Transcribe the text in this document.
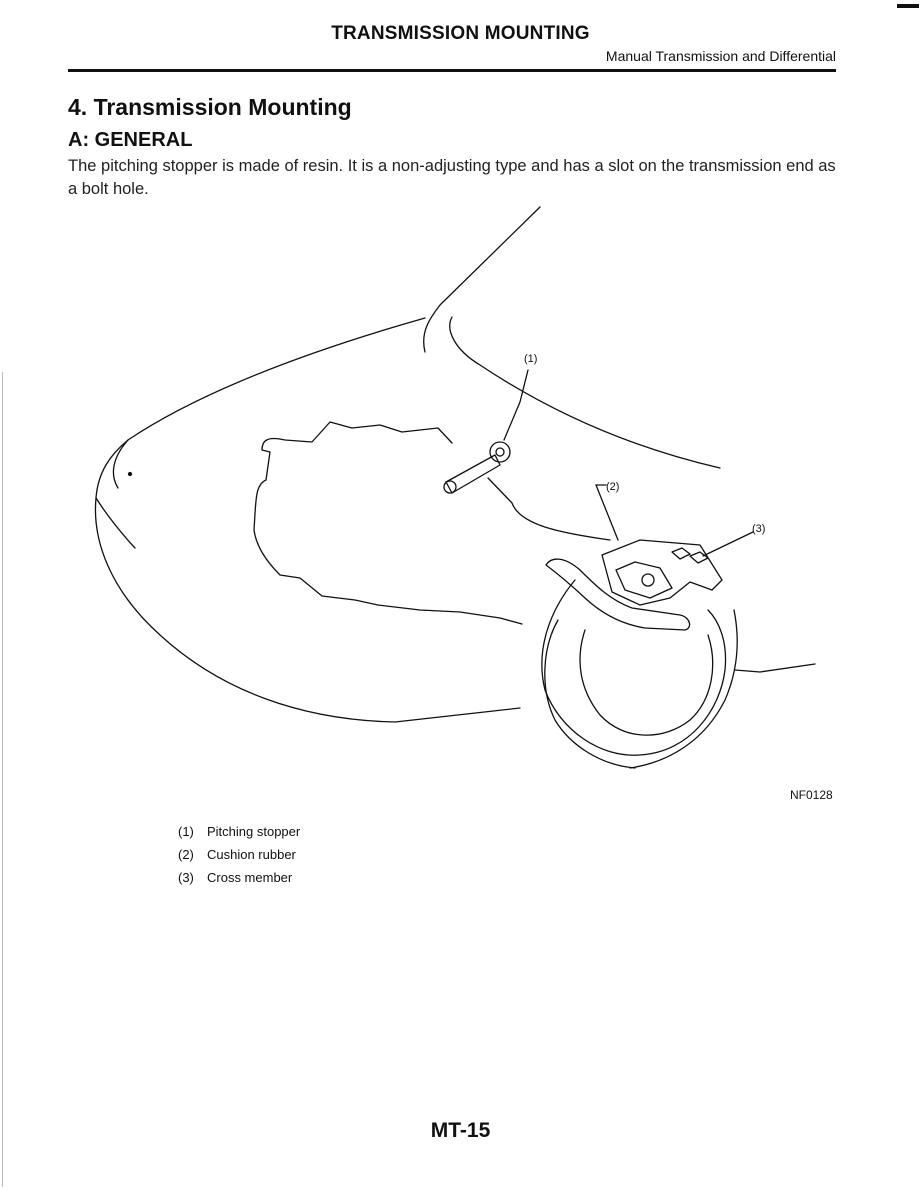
TRANSMISSION MOUNTING
Manual Transmission and Differential
4. Transmission Mounting
A: GENERAL
The pitching stopper is made of resin. It is a non-adjusting type and has a slot on the transmission end as a bolt hole.
(1)
(2)
(3)
NF0128
(1)	Pitching stopper
(2)	Cushion rubber
(3)	Cross member
MT-15
